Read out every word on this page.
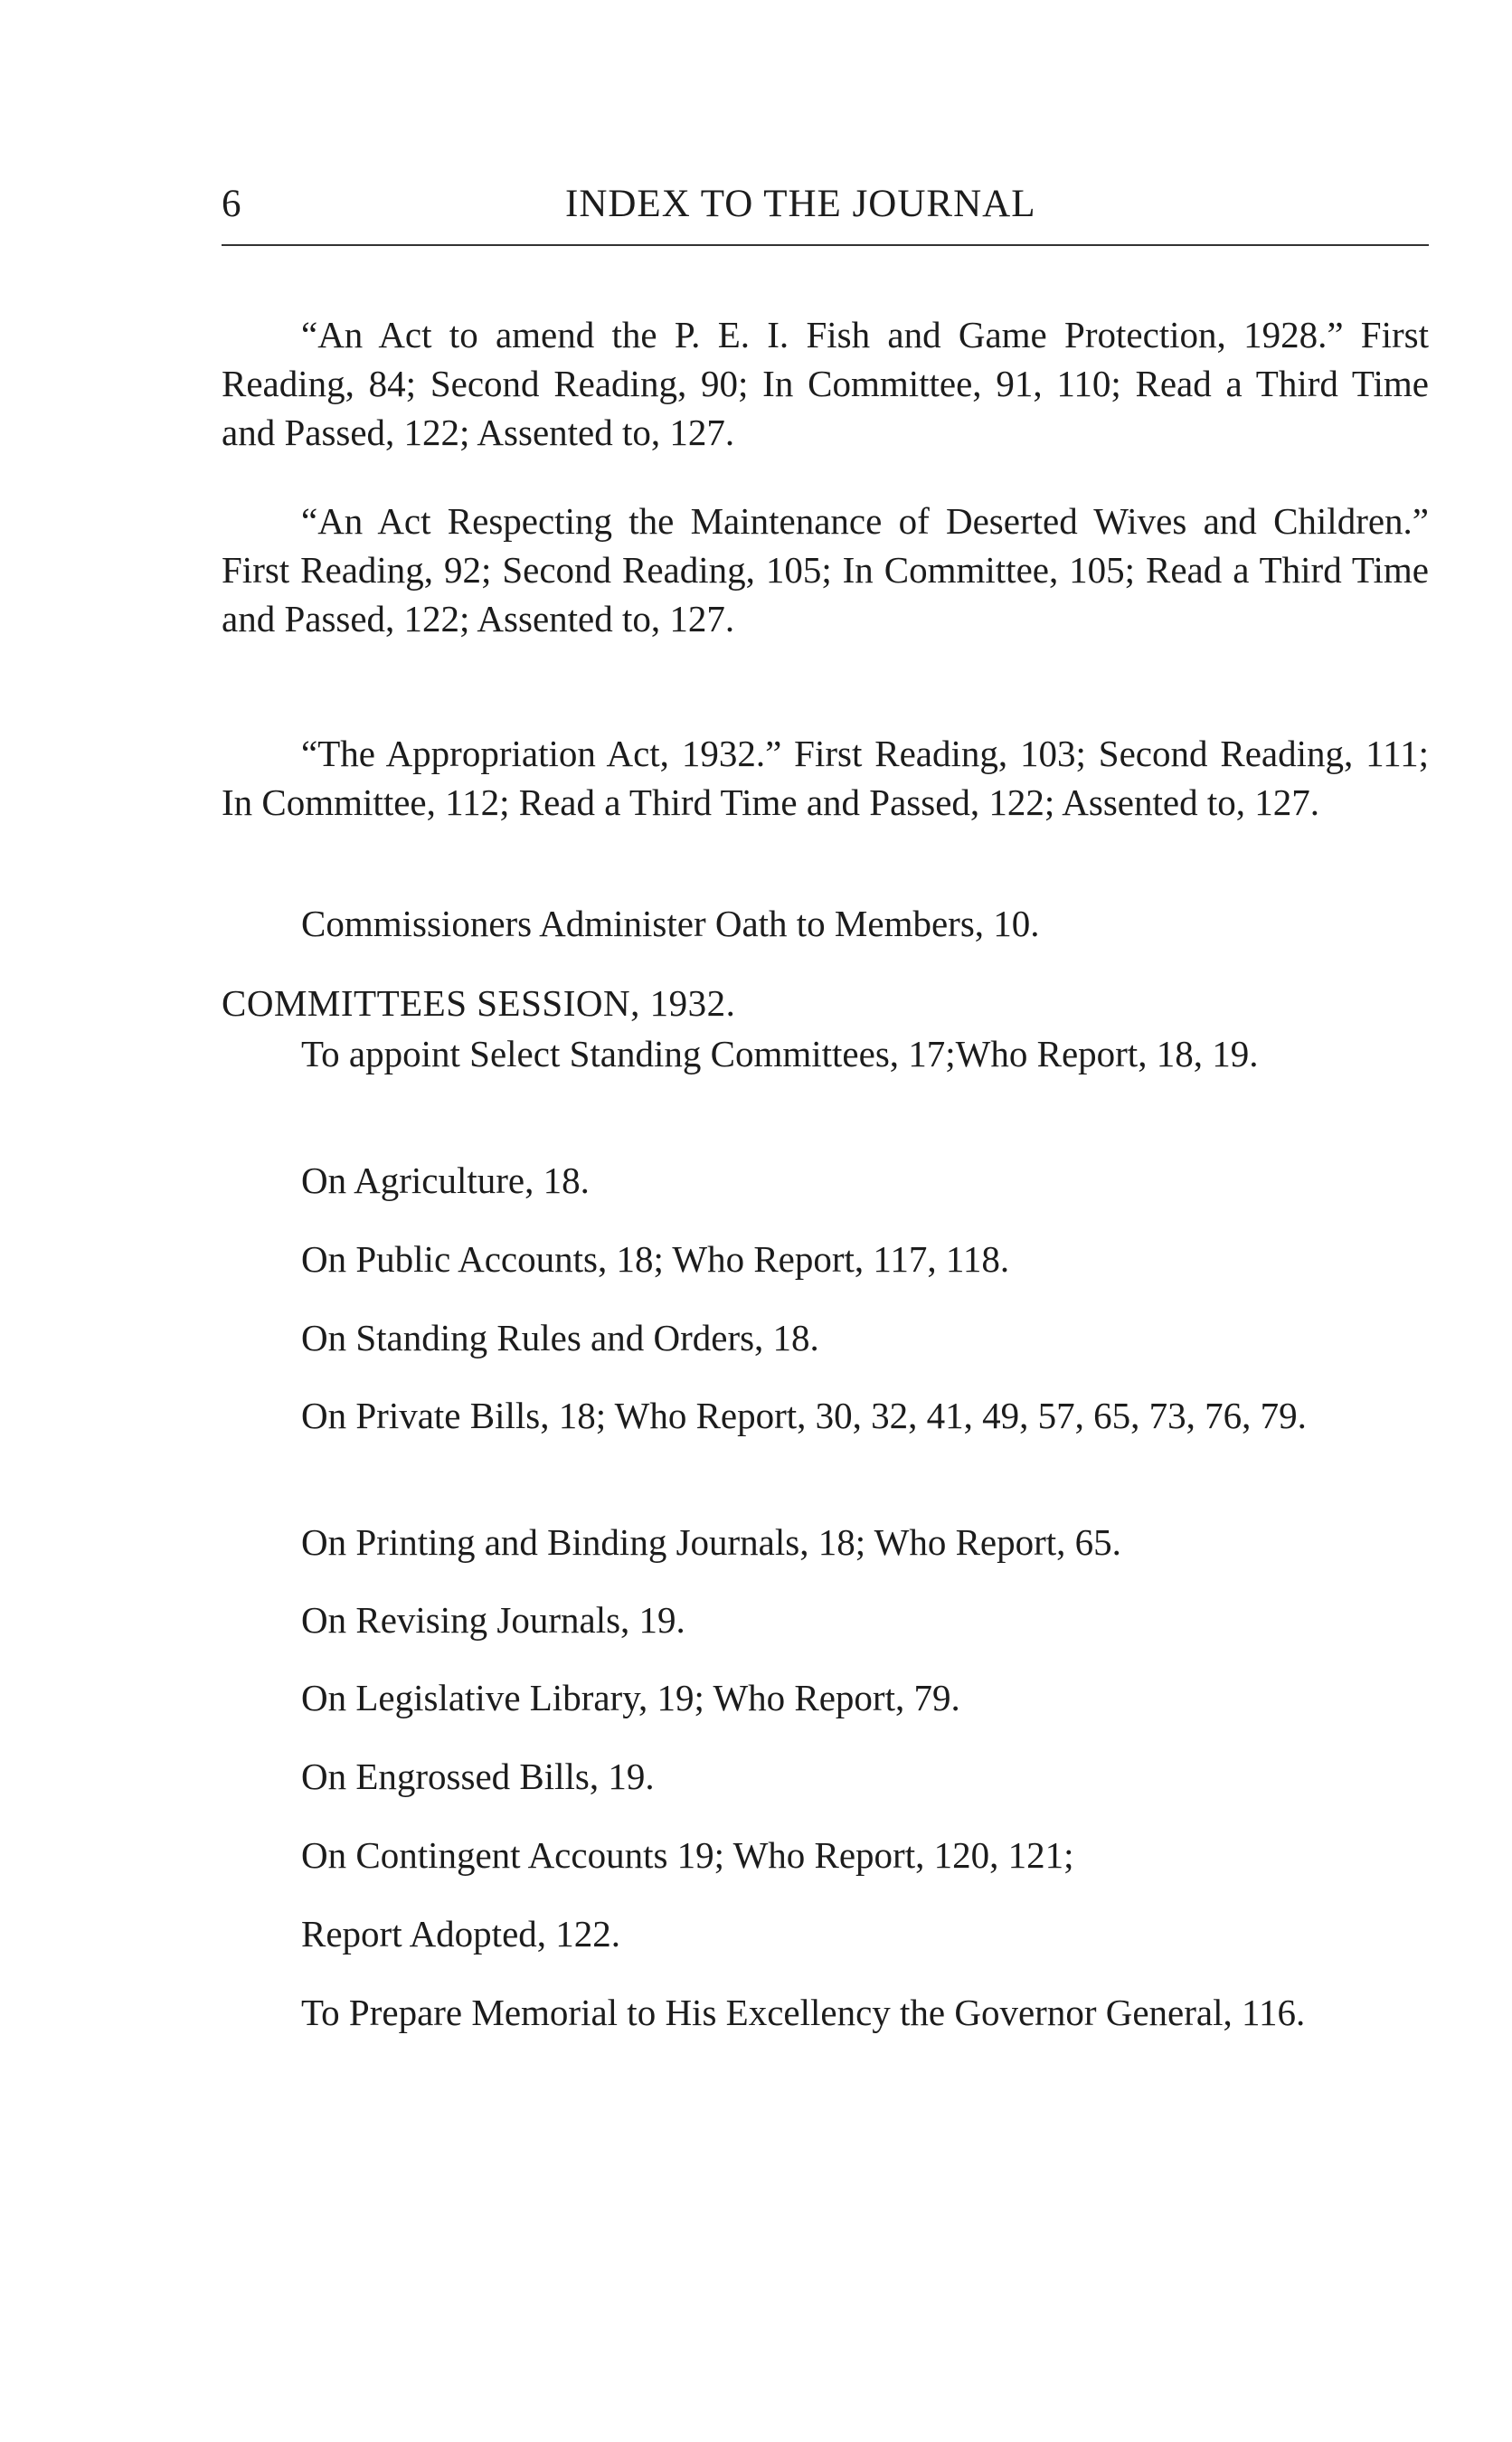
6	INDEX TO THE JOURNAL

“An Act to amend the P. E. I. Fish and Game Protection, 1928.” First Reading, 84; Second Reading, 90; In Committee, 91, 110; Read a Third Time and Passed, 122; Assented to, 127.

“An Act Respecting the Maintenance of Deserted Wives and Children.” First Reading, 92; Second Reading, 105; In Committee, 105; Read a Third Time and Passed, 122; Assented to, 127.

“The Appropriation Act, 1932.” First Reading, 103; Second Reading, 111; In Committee, 112; Read a Third Time and Passed, 122; Assented to, 127.

Commissioners Administer Oath to Members, 10.

COMMITTEES SESSION, 1932.

To appoint Select Standing Committees, 17;Who Report, 18, 19.

On Agriculture, 18.

On Public Accounts, 18; Who Report, 117, 118.

On Standing Rules and Orders, 18.

On Private Bills, 18; Who Report, 30, 32, 41, 49, 57, 65, 73, 76, 79.

On Printing and Binding Journals, 18; Who Report, 65.

On Revising Journals, 19.

On Legislative Library, 19; Who Report, 79.

On Engrossed Bills, 19.

On Contingent Accounts 19; Who Report, 120, 121;

Report Adopted, 122.

To Prepare Memorial to His Excellency the Governor General, 116.
